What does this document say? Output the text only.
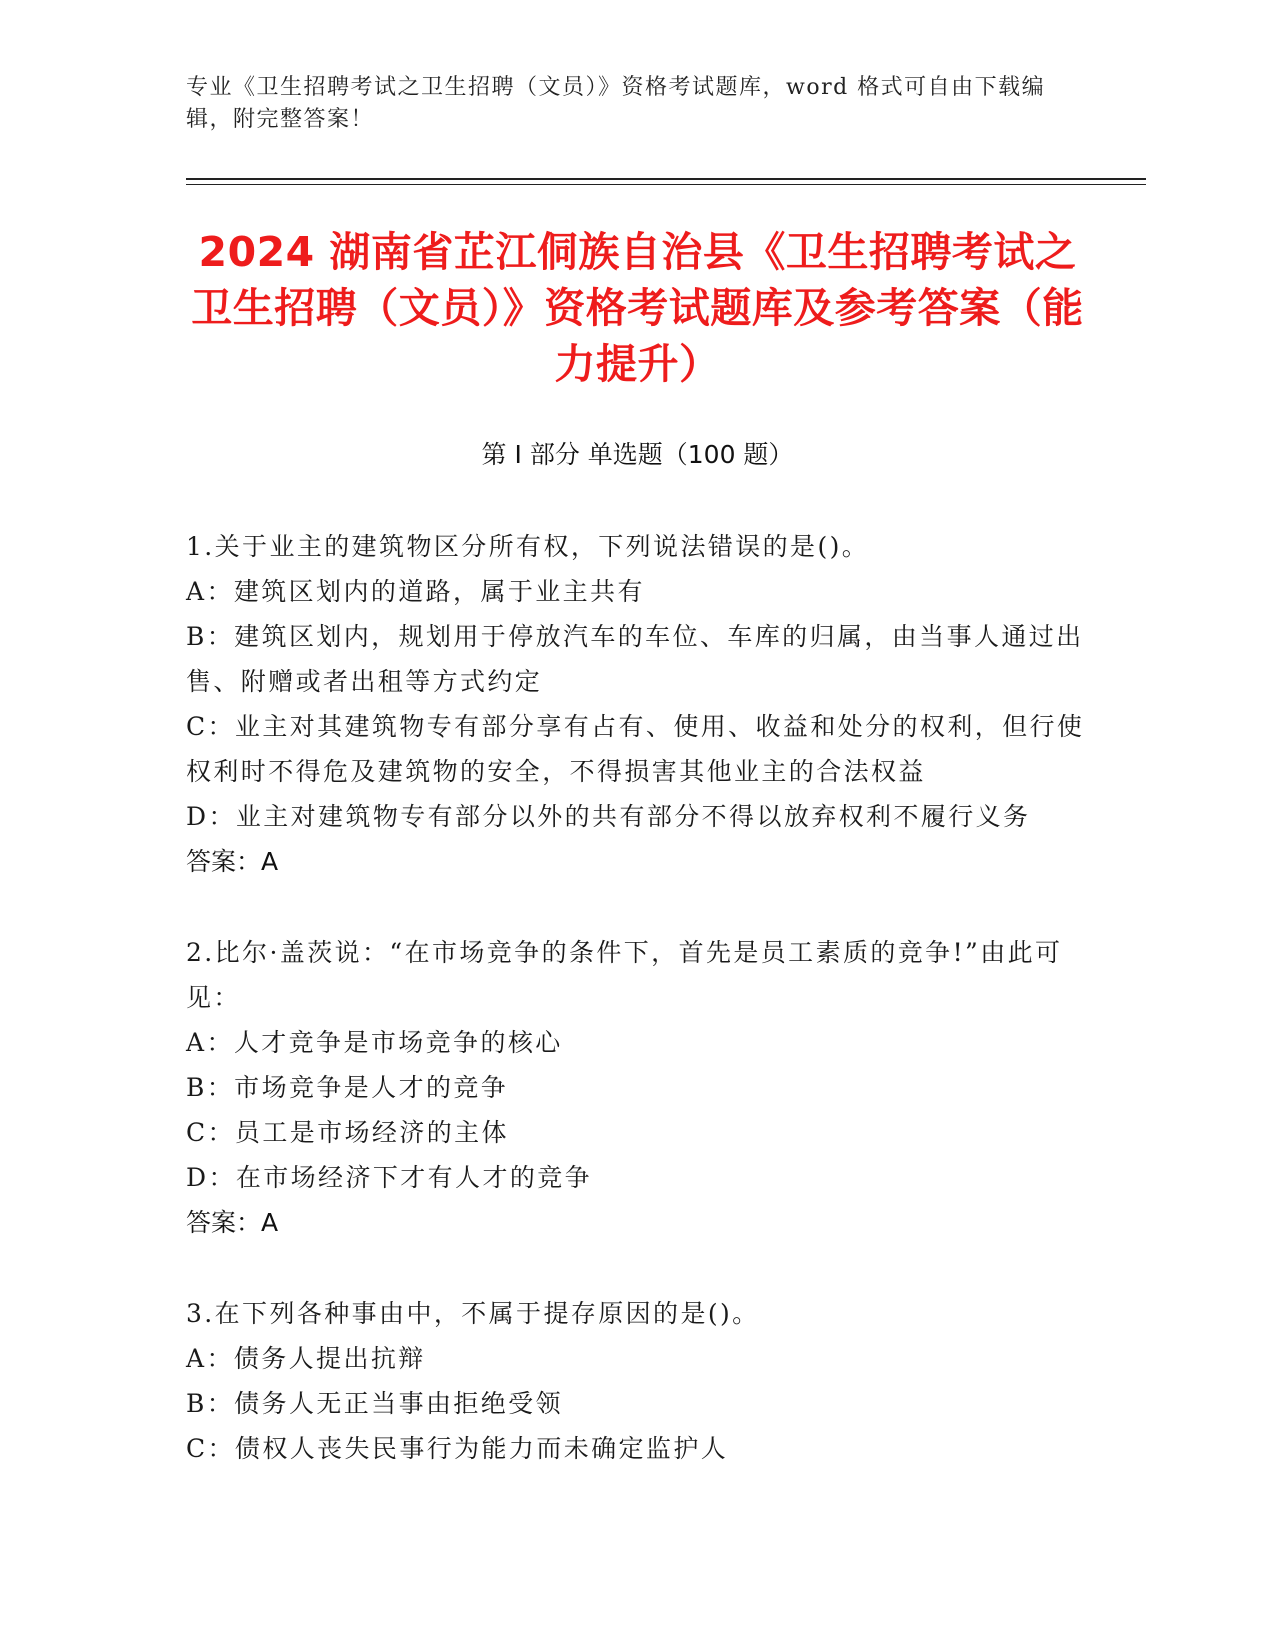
专业《卫生招聘考试之卫生招聘（文员）》资格考试题库，word 格式可自由下载编辑，附完整答案！
2024 湖南省芷江侗族自治县《卫生招聘考试之卫生招聘（文员）》资格考试题库及参考答案（能力提升）
第 I 部分 单选题（100 题）
1.关于业主的建筑物区分所有权，下列说法错误的是()。
A：建筑区划内的道路，属于业主共有
B：建筑区划内，规划用于停放汽车的车位、车库的归属，由当事人通过出售、附赠或者出租等方式约定
C：业主对其建筑物专有部分享有占有、使用、收益和处分的权利，但行使权利时不得危及建筑物的安全，不得损害其他业主的合法权益
D：业主对建筑物专有部分以外的共有部分不得以放弃权利不履行义务
答案：A
2.比尔·盖茨说：“在市场竞争的条件下，首先是员工素质的竞争!”由此可见：
A：人才竞争是市场竞争的核心
B：市场竞争是人才的竞争
C：员工是市场经济的主体
D：在市场经济下才有人才的竞争
答案：A
3.在下列各种事由中，不属于提存原因的是()。
A：债务人提出抗辩
B：债务人无正当事由拒绝受领
C：债权人丧失民事行为能力而未确定监护人
